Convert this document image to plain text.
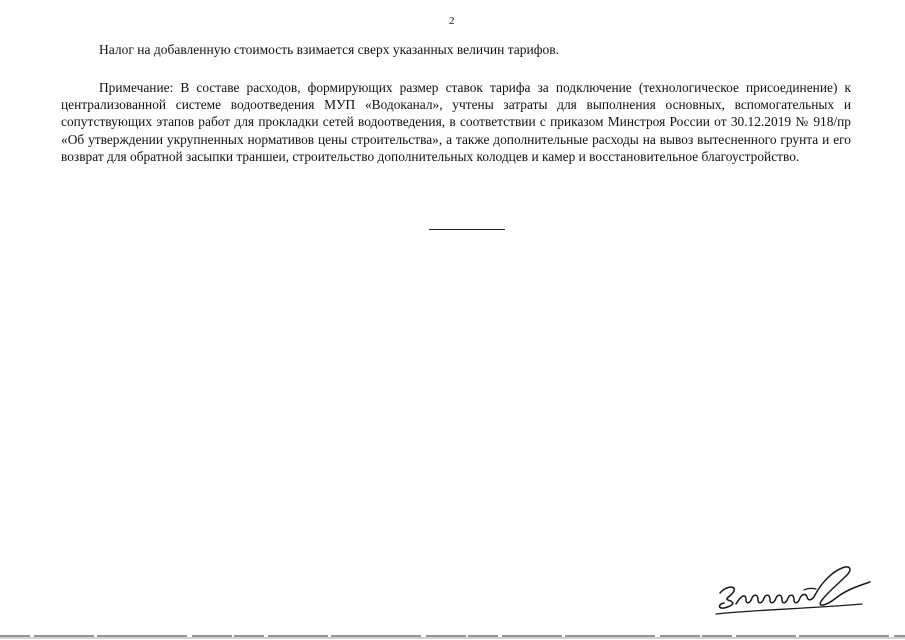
2
Налог на добавленную стоимость взимается сверх указанных величин тарифов.

Примечание: В составе расходов, формирующих размер ставок тарифа за подключение (технологическое присоединение) к централизованной системе водоотведения МУП «Водоканал», учтены затраты для выполнения основных, вспомогательных и сопутствующих этапов работ для прокладки сетей водоотведения, в соответствии с приказом Минстроя России от 30.12.2019 № 918/пр «Об утверждении укрупненных нормативов цены строительства», а также дополнительные расходы на вывоз вытесненного грунта и его возврат для обратной засыпки траншеи, строительство дополнительных колодцев и камер и восстановительное благоустройство.
